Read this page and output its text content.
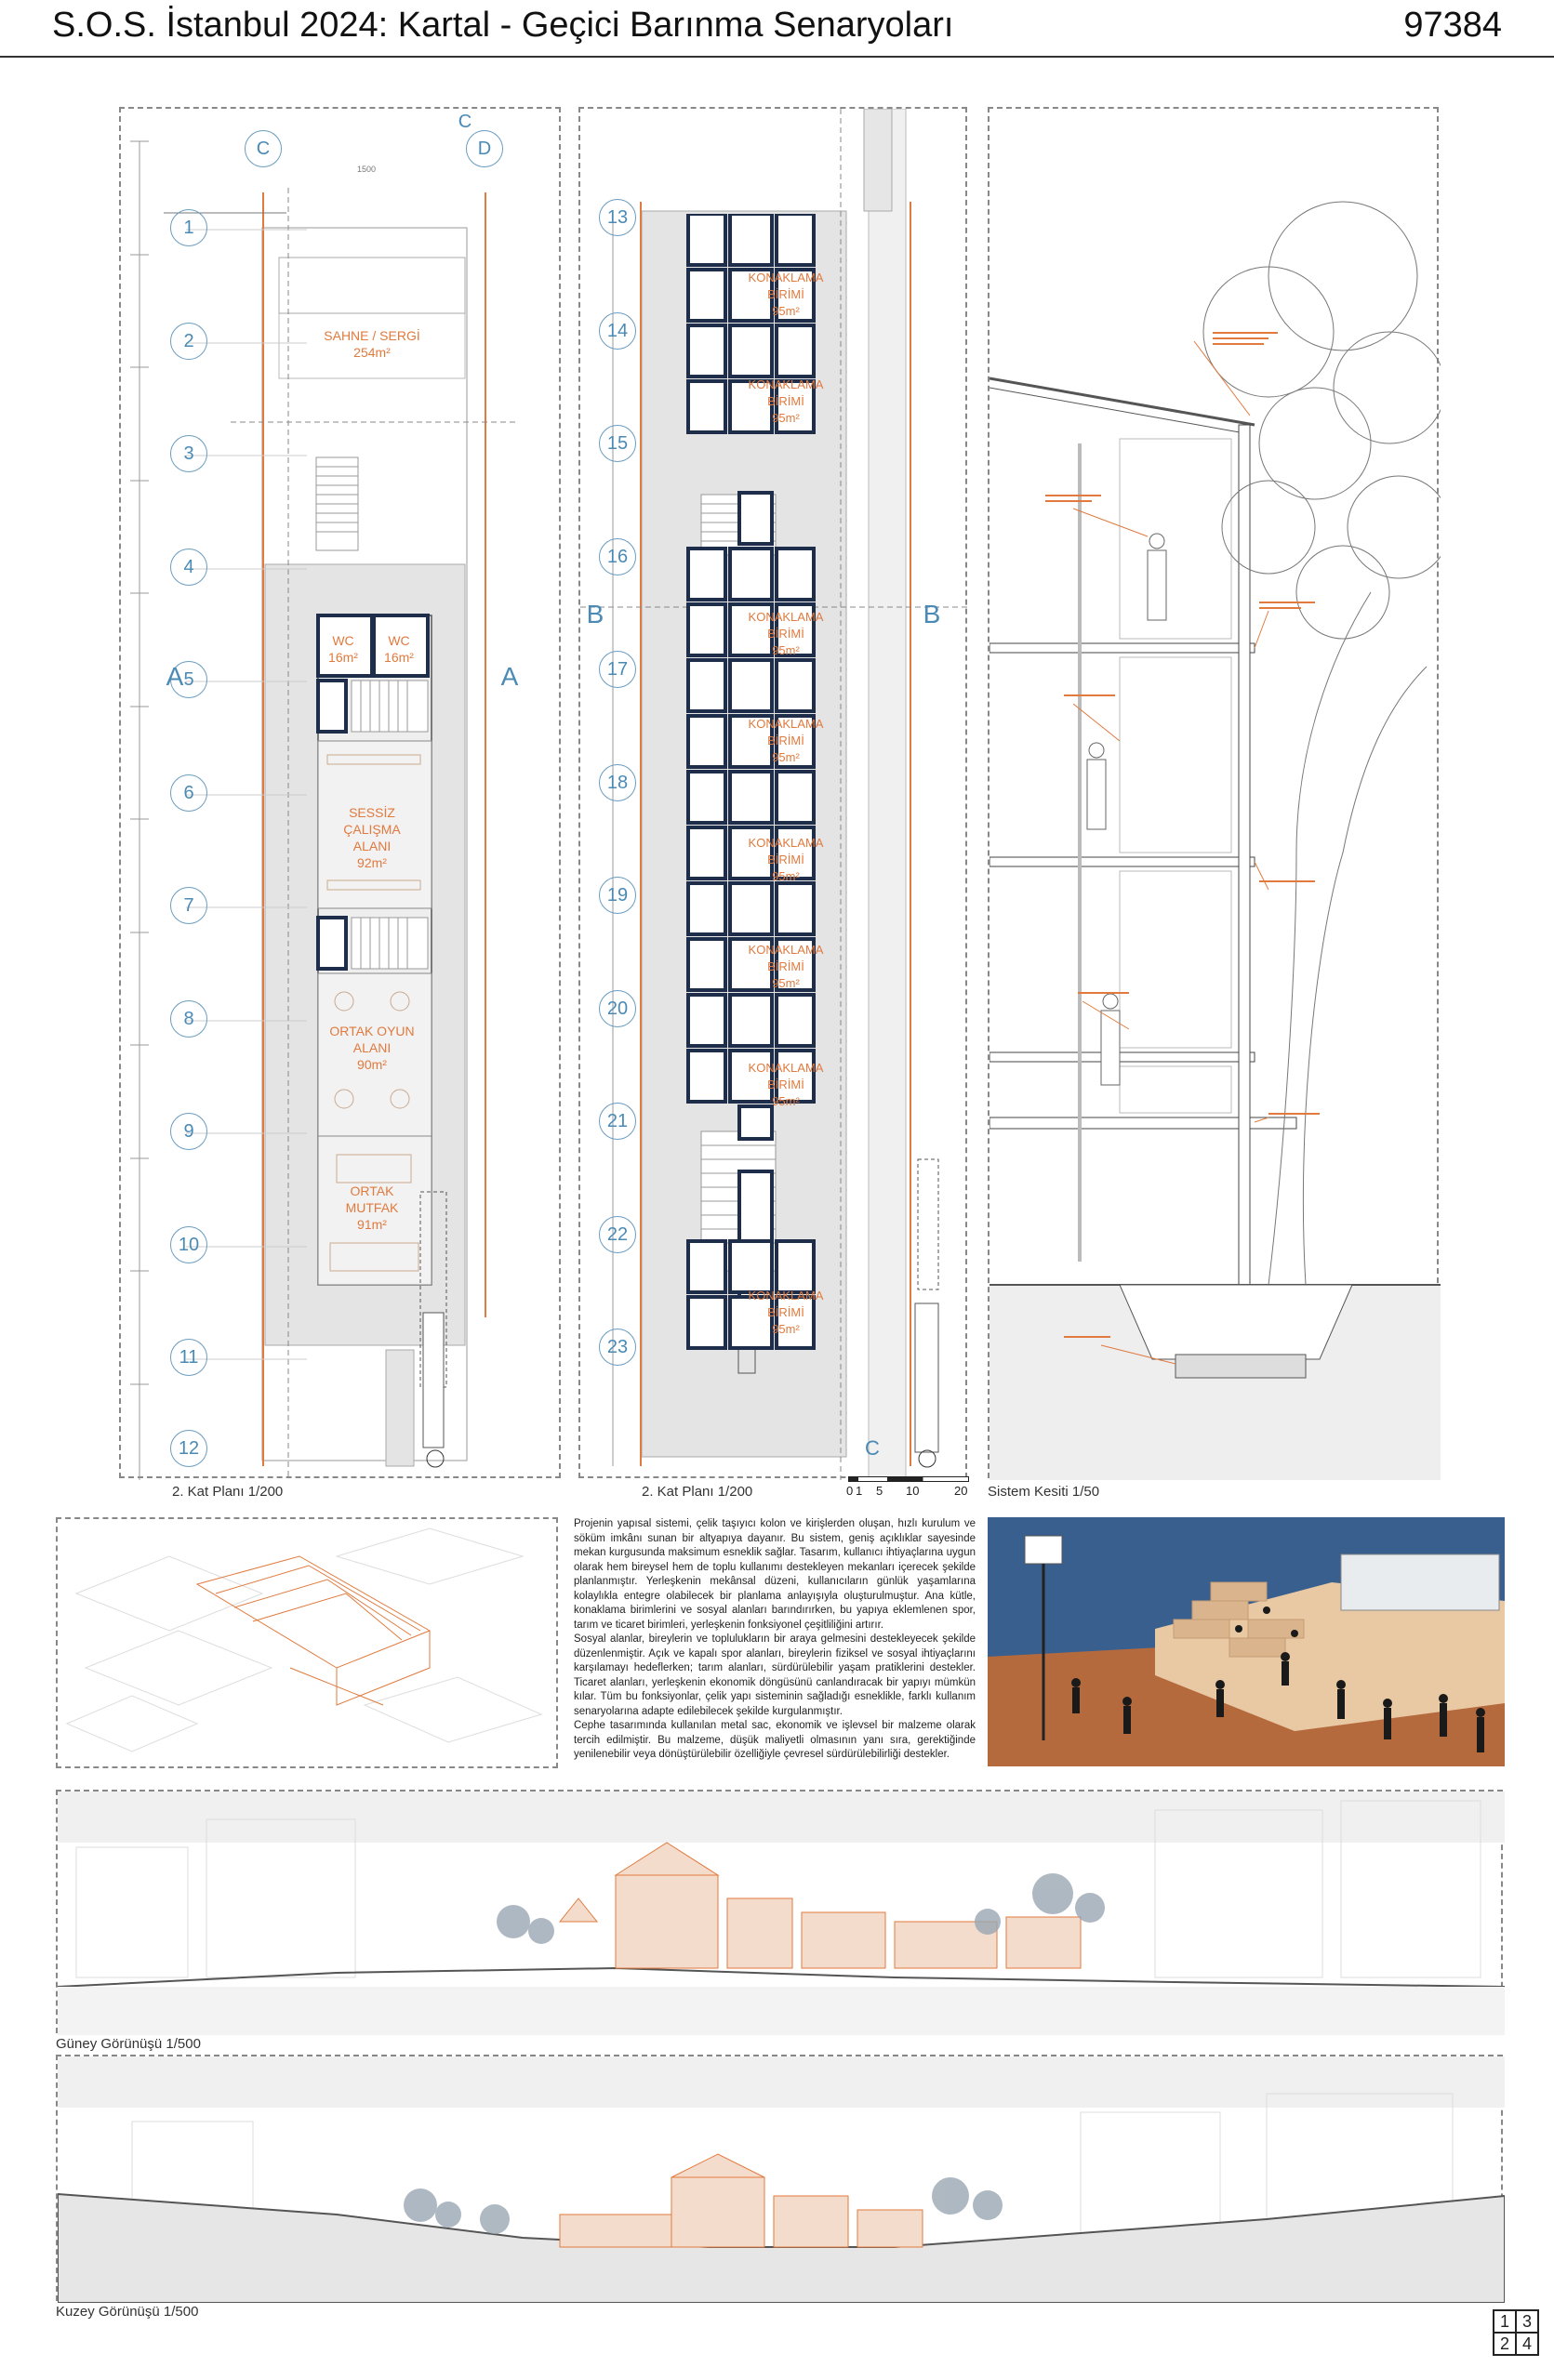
S.O.S. İstanbul 2024: Kartal - Geçici Barınma Senaryoları	97384
1
2
3
4
5
6
7
8
9
10
11
12
C	D
C
A	A
1500
SAHNE / SERGİ
254m²
WC
16m²
WC
16m²
SESSİZ ÇALIŞMA ALANI
92m²
ORTAK OYUN ALANI
90m²
ORTAK MUTFAK
91m²
2. Kat Planı 1/200
KONAKLAMA BİRİMİ
95m²
KONAKLAMA BİRİMİ
95m²
KONAKLAMA BİRİMİ
95m²
KONAKLAMA BİRİMİ
95m²
KONAKLAMA BİRİMİ
95m²
KONAKLAMA BİRİMİ
95m²
KONAKLAMA BİRİMİ
95m²
KONAKLAMA BİRİMİ
95m²
13
14
15
16
17
18
19
20
21
22
23
B	B
C
2. Kat Planı 1/200	0 1 5 10	20 Sistem Kesiti 1/50

Projenin yapısal sistemi, çelik taşıyıcı kolon ve kirişlerden oluşan, hızlı kurulum ve söküm imkânı sunan bir altyapıya dayanır. Bu sistem, geniş açıklıklar sayesinde mekan kurgusunda maksimum esneklik sağlar. Tasarım, kullanıcı ihtiyaçlarına uygun olarak hem bireysel hem de toplu kullanımı destekleyen mekanları içerecek şekilde planlanmıştır. Yerleşkenin mekânsal düzeni, kullanıcıların günlük yaşamlarına kolaylıkla entegre olabilecek bir planlama anlayışıyla oluşturulmuştur. Ana kütle, konaklama birimlerini ve sosyal alanları barındırırken, bu yapıya eklemlenen spor, tarım ve ticaret birimleri, yerleşkenin fonksiyonel çeşitliliğini artırır.

Sosyal alanlar, bireylerin ve toplulukların bir araya gelmesini destekleyecek şekilde düzenlenmiştir. Açık ve kapalı spor alanları, bireylerin fiziksel ve sosyal ihtiyaçlarını karşılamayı hedeflerken; tarım alanları, sürdürülebilir yaşam pratiklerini destekler. Ticaret alanları, yerleşkenin ekonomik döngüsünü canlandıracak bir yapıyı mümkün kılar. Tüm bu fonksiyonlar, çelik yapı sisteminin sağladığı esneklikle, farklı kullanım senaryolarına adapte edilebilecek şekilde kurgulanmıştır.

Cephe tasarımında kullanılan metal sac, ekonomik ve işlevsel bir malzeme olarak tercih edilmiştir. Bu malzeme, düşük maliyetli olmasının yanı sıra, gerektiğinde yenilenebilir veya dönüştürülebilir özelliğiyle çevresel sürdürülebilirliği destekler.

Güney Görünüşü 1/500
Kuzey Görünüşü 1/500	1 3
2 4
